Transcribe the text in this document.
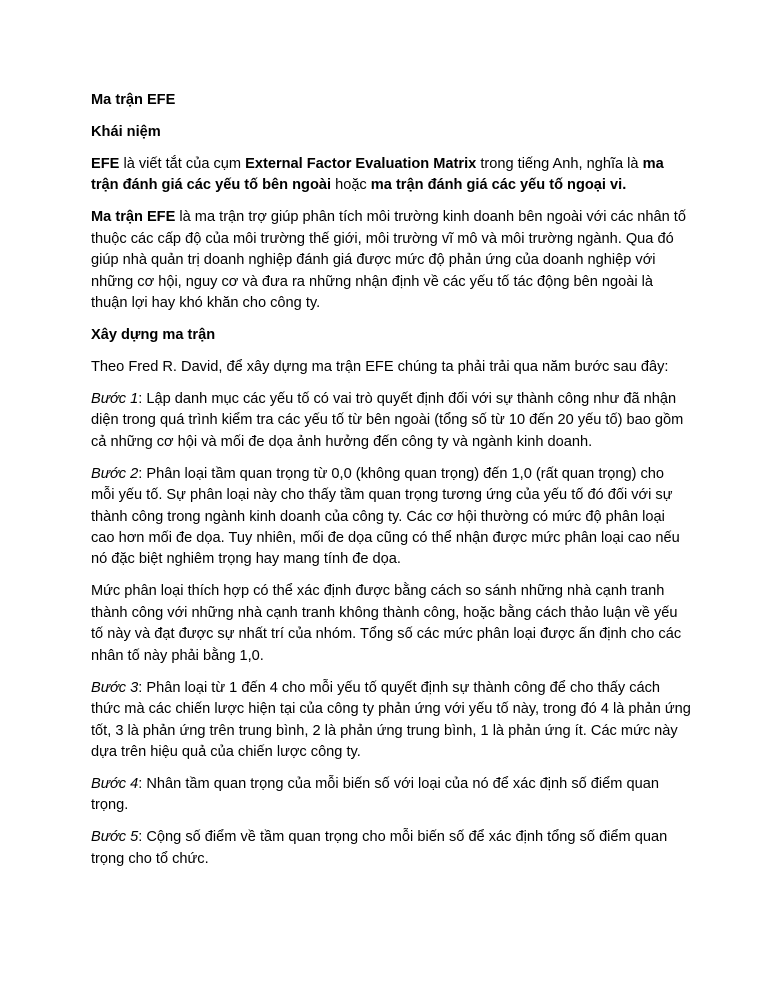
Ma trận EFE

Khái niệm

EFE là viết tắt của cụm External Factor Evaluation Matrix trong tiếng Anh, nghĩa là ma trận đánh giá các yếu tố bên ngoài hoặc ma trận đánh giá các yếu tố ngoại vi.

Ma trận EFE là ma trận trợ giúp phân tích môi trường kinh doanh bên ngoài với các nhân tố thuộc các cấp độ của môi trường thế giới, môi trường vĩ mô và môi trường ngành. Qua đó giúp nhà quản trị doanh nghiệp đánh giá được mức độ phản ứng của doanh nghiệp với những cơ hội, nguy cơ và đưa ra những nhận định về các yếu tố tác động bên ngoài là thuận lợi hay khó khăn cho công ty.

Xây dựng ma trận

Theo Fred R. David, để xây dựng ma trận EFE chúng ta phải trải qua năm bước sau đây:

Bước 1: Lập danh mục các yếu tố có vai trò quyết định đối với sự thành công như đã nhận diện trong quá trình kiểm tra các yếu tố từ bên ngoài (tổng số từ 10 đến 20 yếu tố) bao gồm cả những cơ hội và mối đe dọa ảnh hưởng đến công ty và ngành kinh doanh.

Bước 2: Phân loại tầm quan trọng từ 0,0 (không quan trọng) đến 1,0 (rất quan trọng) cho mỗi yếu tố. Sự phân loại này cho thấy tầm quan trọng tương ứng của yếu tố đó đối với sự thành công trong ngành kinh doanh của công ty. Các cơ hội thường có mức độ phân loại cao hơn mối đe dọa. Tuy nhiên, mối đe dọa cũng có thể nhận được mức phân loại cao nếu nó đặc biệt nghiêm trọng hay mang tính đe dọa.

Mức phân loại thích hợp có thể xác định được bằng cách so sánh những nhà cạnh tranh thành công với những nhà cạnh tranh không thành công, hoặc bằng cách thảo luận về yếu tố này và đạt được sự nhất trí của nhóm. Tổng số các mức phân loại được ấn định cho các nhân tố này phải bằng 1,0.

Bước 3: Phân loại từ 1 đến 4 cho mỗi yếu tố quyết định sự thành công để cho thấy cách thức mà các chiến lược hiện tại của công ty phản ứng với yếu tố này, trong đó 4 là phản ứng tốt, 3 là phản ứng trên trung bình, 2 là phản ứng trung bình, 1 là phản ứng ít. Các mức này dựa trên hiệu quả của chiến lược công ty.

Bước 4: Nhân tầm quan trọng của mỗi biến số với loại của nó để xác định số điểm quan trọng.

Bước 5: Cộng số điểm về tầm quan trọng cho mỗi biến số để xác định tổng số điểm quan trọng cho tổ chức.
